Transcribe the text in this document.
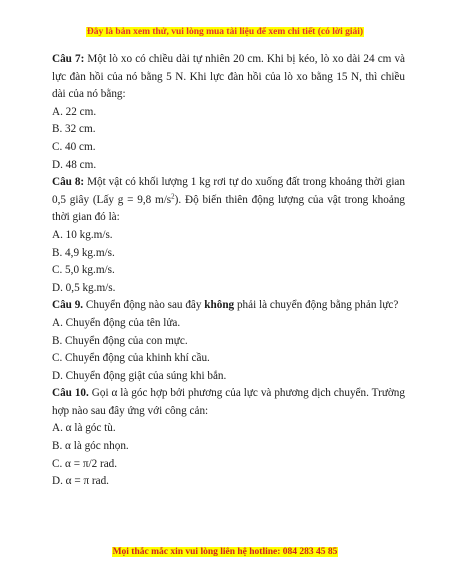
Đây là bản xem thử, vui lòng mua tài liệu để xem chi tiết (có lời giải)

Câu 7: Một lò xo có chiều dài tự nhiên 20 cm. Khi bị kéo, lò xo dài 24 cm và lực đàn hồi của nó bằng 5 N. Khi lực đàn hồi của lò xo bằng 15 N, thì chiều dài của nó bằng:

A. 22 cm.

B. 32 cm.

C. 40 cm.

D. 48 cm.

Câu 8: Một vật có khối lượng 1 kg rơi tự do xuống đất trong khoảng thời gian 0,5 giây (Lấy g = 9,8 $m/s^2$). Độ biến thiên động lượng của vật trong khoảng thời gian đó là:

A. 10 kg.m/s.

B. 4,9 kg.m/s.

C. 5,0 kg.m/s.

D. 0,5 kg.m/s.

Câu 9. Chuyển động nào sau đây không phải là chuyển động bằng phản lực?

A. Chuyển động của tên lửa.

B. Chuyển động của con mực.

C. Chuyển động của khinh khí cầu.

D. Chuyển động giật của súng khi bắn.

Câu 10. Gọi α là góc hợp bởi phương của lực và phương dịch chuyển. Trường hợp nào sau đây ứng với công cản:

A. α là góc tù.

B. α là góc nhọn.

C. α = π/2 rad.

D. α = π rad.

Mọi thắc mắc xin vui lòng liên hệ hotline: 084 283 45 85
